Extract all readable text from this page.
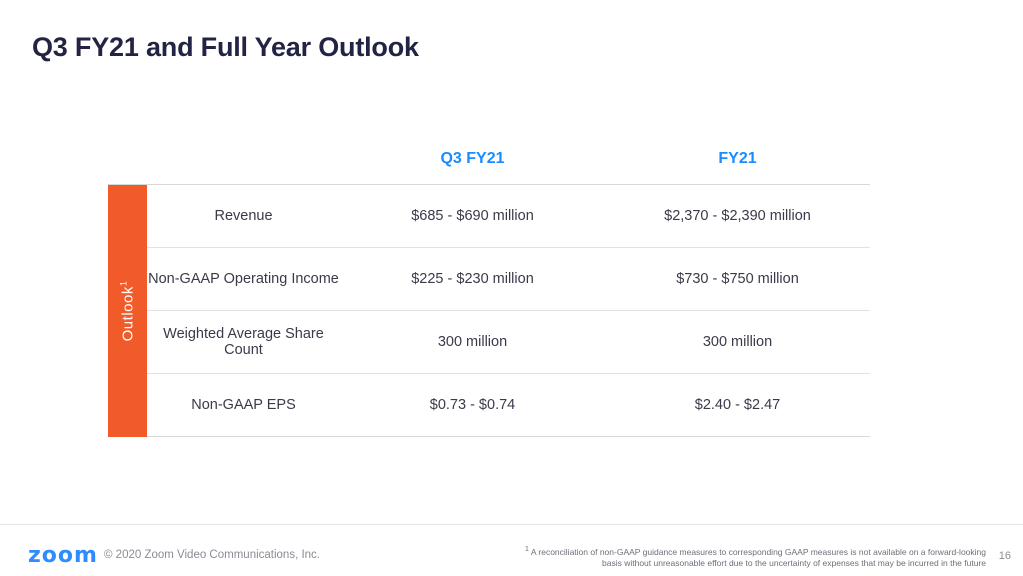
Q3 FY21 and Full Year Outlook
Q3 FY21	FY21
Outlook$^1$
Revenue	$685 - $690 million	$2,370 - $2,390 million
Non-GAAP Operating Income	$225 - $230 million	$730 - $750 million
Weighted Average Share Count	300 million	300 million
Non-GAAP EPS	$0.73 - $0.74	$2.40 - $2.47
zoom © 2020 Zoom Video Communications, Inc.	$^1$ A reconciliation of non-GAAP guidance measures to corresponding GAAP measures is not available on a forward-looking basis without unreasonable effort due to the uncertainty of expenses that may be incurred in the future
16
